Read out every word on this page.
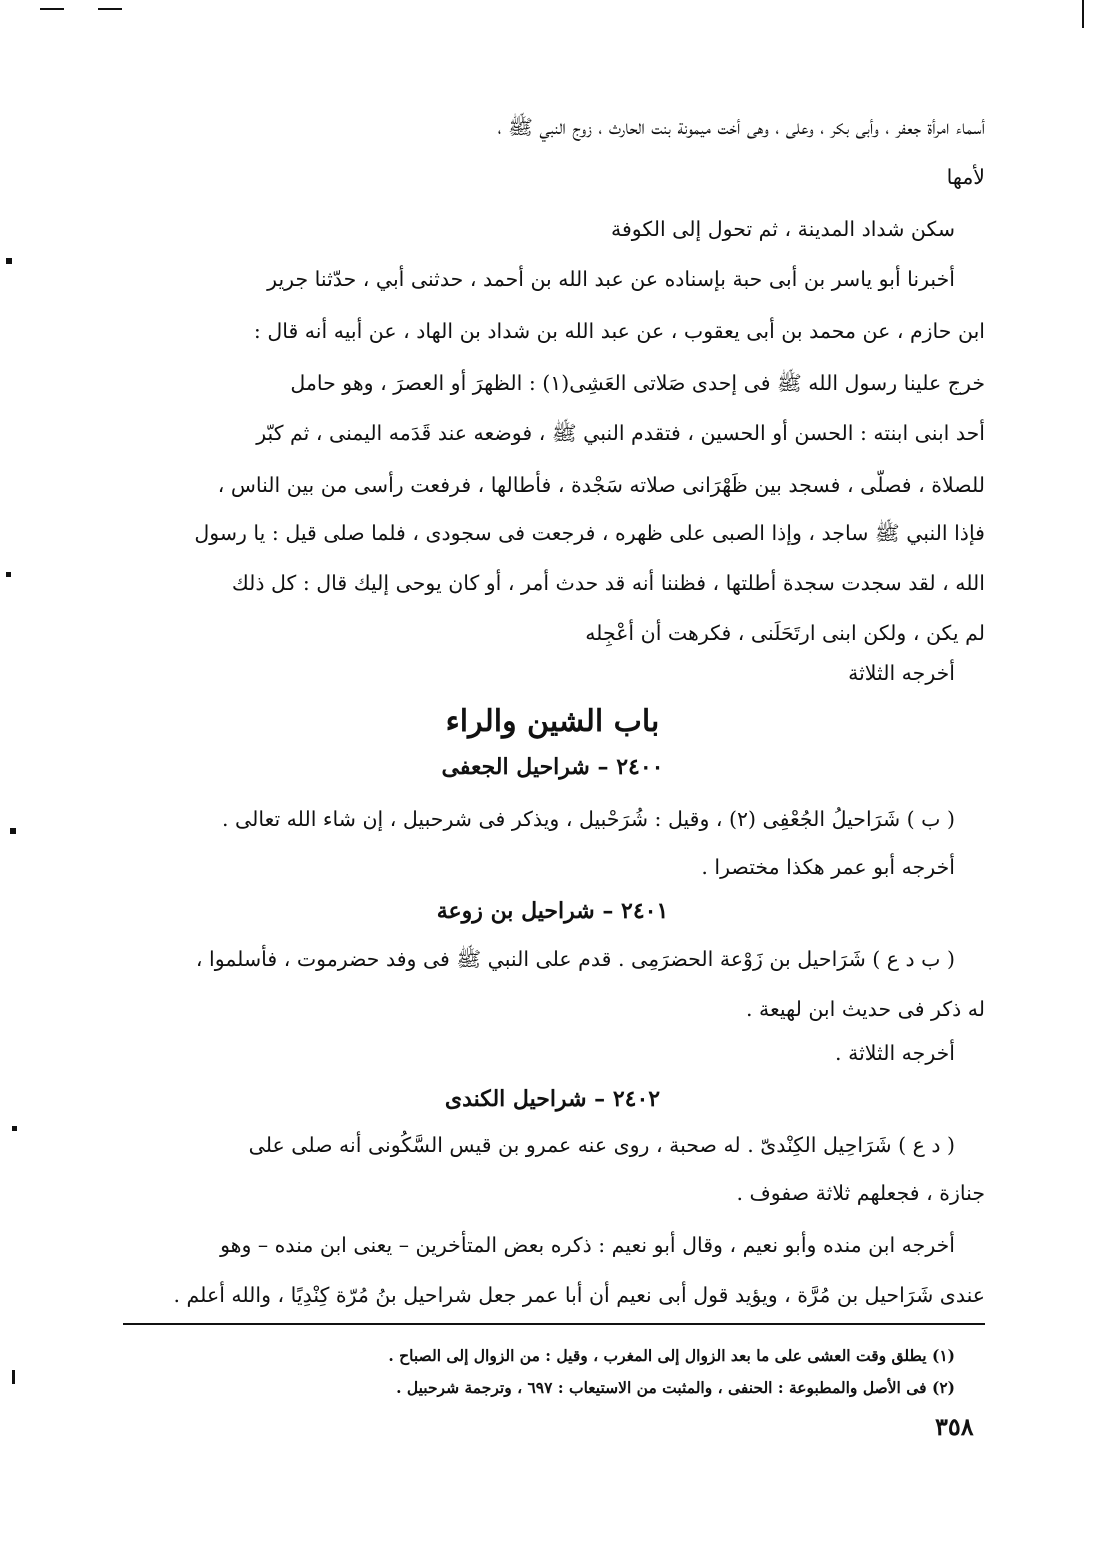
أسماء امرأة جعفر ، وأبى بكر ، وعلى ، وهى أخت ميمونة بنت الحارث ، زوج النبي ﷺ ،
لأمها
سكن شداد المدينة ، ثم تحول إلى الكوفة
أخبرنا أبو ياسر بن أبى حبة بإسناده عن عبد الله بن أحمد ، حدثنى أبي ، حدّثنا جرير
ابن حازم ، عن محمد بن أبى يعقوب ، عن عبد الله بن شداد بن الهاد ، عن أبيه أنه قال :
خرج علينا رسول الله ﷺ فى إحدى صَلاتى العَشِى(١) : الظهرَ أو العصرَ ، وهو حامل
أحد ابنى ابنته : الحسن أو الحسين ، فتقدم النبي ﷺ ، فوضعه عند قَدَمه اليمنى ، ثم كبّر
للصلاة ، فصلّى ، فسجد بين ظَهْرَانى صلاته سَجْدة ، فأطالها ، فرفعت رأسى من بين الناس ،
فإذا النبي ﷺ ساجد ، وإذا الصبى على ظهره ، فرجعت فى سجودى ، فلما صلى قيل : يا رسول
الله ، لقد سجدت سجدة أطلتها ، فظننا أنه قد حدث أمر ، أو كان يوحى إليك قال : كل ذلك
لم يكن ، ولكن ابنى ارتَحَلَنى ، فكرهت أن أعْجِله
أخرجه الثلاثة
باب الشين والراء
٢٤٠٠ – شراحيل الجعفى
( ب ) شَرَاحيلُ الجُعْفِى (٢) ، وقيل : شُرَحْبيل ، ويذكر فى شرحبيل ، إن شاء الله تعالى .
أخرجه أبو عمر هكذا مختصرا .
٢٤٠١ – شراحيل بن زوعة
( ب د ع ) شَرَاحيل بن زَوْعة الحضرَمِى . قدم على النبي ﷺ فى وفد حضرموت ، فأسلموا ،
له ذكر فى حديث ابن لهيعة .
أخرجه الثلاثة .
٢٤٠٢ – شراحيل الكندى
( د ع ) شَرَاحِيل الكِنْدىّ . له صحبة ، روى عنه عمرو بن قيس السَّكُونى أنه صلى على
جنازة ، فجعلهم ثلاثة صفوف .
أخرجه ابن منده وأبو نعيم ، وقال أبو نعيم : ذكره بعض المتأخرين – يعنى ابن منده – وهو
عندى شَرَاحيل بن مُرَّة ، ويؤيد قول أبى نعيم أن أبا عمر جعل شراحيل بنُ مُرّة كِنْدِيًا ، والله أعلم .
(١) يطلق وقت العشى على ما بعد الزوال إلى المغرب ، وقيل : من الزوال إلى الصباح .
(٢) فى الأصل والمطبوعة : الحنفى ، والمثبت من الاستيعاب : ٦٩٧ ، وترجمة شرحبيل .
٣٥٨
